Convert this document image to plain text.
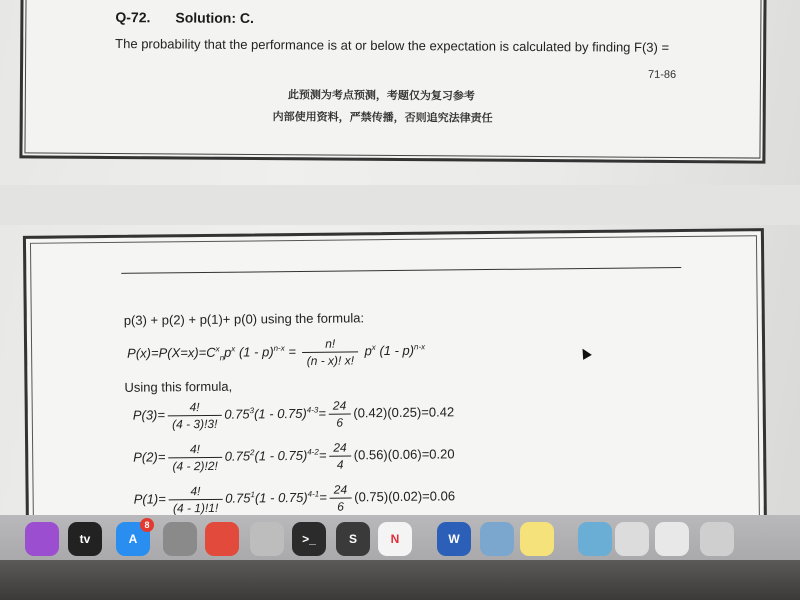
Q-72. Solution: C.
The probability that the performance is at or below the expectation is calculated by finding F(3) =
71-86
此预测为考点预测，考题仅为复习参考
内部使用资料，严禁传播，否则追究法律责任
p(3) + p(2) + p(1)+ p(0) using the formula:
$P(x)=P(X=x)=C^x_np^x$ $(1 - p)^{n-x} = \frac{n!}{(n - x)! x!} p^x$ (1 - p)$^{n-x}$
Using this formula,
$P(3)= \frac{4!}{(4 - 3)!3!} 0.75^3(1 - 0.75)^{4-3}= \frac{24}{6} (0.42)(0.25)=0.42$
$P(2)= \frac{4!}{(4 - 2)!2!} 0.75^2(1 - 0.75)^{4-2}= \frac{24}{4} (0.56)(0.06)=0.20$
$P(1)= \frac{4!}{(4 - 1)!1!} 0.75^1(1 - 0.75)^{4-1}= \frac{24}{6} (0.75)(0.02)=0.06$
tv	A
8
>_	S	N	W
